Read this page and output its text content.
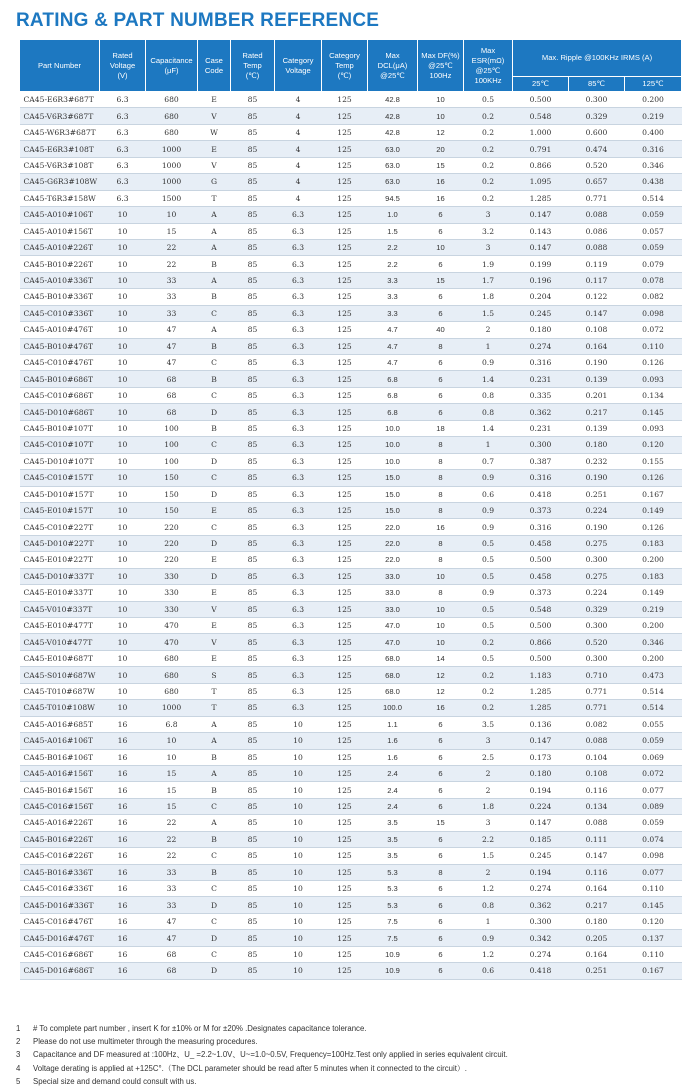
RATING & PART NUMBER REFERENCE
Part Number	Rated
Voltage
(V)	Capacitance
(μF)	Case
Code	Rated
Temp
(℃)	Category
Voltage	Category
Temp
(℃)	Max
DCL(μA)
@25℃	Max DF(%)
@25℃
100Hz	Max
ESR(mΩ)
@25℃
100KHz	Max. Ripple @100KHz IRMS (A)		
										25℃	85℃	125℃
CA45-E6R3#687T	6.3	680	E	85	4	125	42.8	10	0.5	0.500	0.300	0.200
CA45-V6R3#687T	6.3	680	V	85	4	125	42.8	10	0.2	0.548	0.329	0.219
CA45-W6R3#687T	6.3	680	W	85	4	125	42.8	12	0.2	1.000	0.600	0.400
CA45-E6R3#108T	6.3	1000	E	85	4	125	63.0	20	0.2	0.791	0.474	0.316
CA45-V6R3#108T	6.3	1000	V	85	4	125	63.0	15	0.2	0.866	0.520	0.346
CA45-G6R3#108W	6.3	1000	G	85	4	125	63.0	16	0.2	1.095	0.657	0.438
CA45-T6R3#158W	6.3	1500	T	85	4	125	94.5	16	0.2	1.285	0.771	0.514
CA45-A010#106T	10	10	A	85	6.3	125	1.0	6	3	0.147	0.088	0.059
CA45-A010#156T	10	15	A	85	6.3	125	1.5	6	3.2	0.143	0.086	0.057
CA45-A010#226T	10	22	A	85	6.3	125	2.2	10	3	0.147	0.088	0.059
CA45-B010#226T	10	22	B	85	6.3	125	2.2	6	1.9	0.199	0.119	0.079
CA45-A010#336T	10	33	A	85	6.3	125	3.3	15	1.7	0.196	0.117	0.078
CA45-B010#336T	10	33	B	85	6.3	125	3.3	6	1.8	0.204	0.122	0.082
CA45-C010#336T	10	33	C	85	6.3	125	3.3	6	1.5	0.245	0.147	0.098
CA45-A010#476T	10	47	A	85	6.3	125	4.7	40	2	0.180	0.108	0.072
CA45-B010#476T	10	47	B	85	6.3	125	4.7	8	1	0.274	0.164	0.110
CA45-C010#476T	10	47	C	85	6.3	125	4.7	6	0.9	0.316	0.190	0.126
CA45-B010#686T	10	68	B	85	6.3	125	6.8	6	1.4	0.231	0.139	0.093
CA45-C010#686T	10	68	C	85	6.3	125	6.8	6	0.8	0.335	0.201	0.134
CA45-D010#686T	10	68	D	85	6.3	125	6.8	6	0.8	0.362	0.217	0.145
CA45-B010#107T	10	100	B	85	6.3	125	10.0	18	1.4	0.231	0.139	0.093
CA45-C010#107T	10	100	C	85	6.3	125	10.0	8	1	0.300	0.180	0.120
CA45-D010#107T	10	100	D	85	6.3	125	10.0	8	0.7	0.387	0.232	0.155
CA45-C010#157T	10	150	C	85	6.3	125	15.0	8	0.9	0.316	0.190	0.126
CA45-D010#157T	10	150	D	85	6.3	125	15.0	8	0.6	0.418	0.251	0.167
CA45-E010#157T	10	150	E	85	6.3	125	15.0	8	0.9	0.373	0.224	0.149
CA45-C010#227T	10	220	C	85	6.3	125	22.0	16	0.9	0.316	0.190	0.126
CA45-D010#227T	10	220	D	85	6.3	125	22.0	8	0.5	0.458	0.275	0.183
CA45-E010#227T	10	220	E	85	6.3	125	22.0	8	0.5	0.500	0.300	0.200
CA45-D010#337T	10	330	D	85	6.3	125	33.0	10	0.5	0.458	0.275	0.183
CA45-E010#337T	10	330	E	85	6.3	125	33.0	8	0.9	0.373	0.224	0.149
CA45-V010#337T	10	330	V	85	6.3	125	33.0	10	0.5	0.548	0.329	0.219
CA45-E010#477T	10	470	E	85	6.3	125	47.0	10	0.5	0.500	0.300	0.200
CA45-V010#477T	10	470	V	85	6.3	125	47.0	10	0.2	0.866	0.520	0.346
CA45-E010#687T	10	680	E	85	6.3	125	68.0	14	0.5	0.500	0.300	0.200
CA45-S010#687W	10	680	S	85	6.3	125	68.0	12	0.2	1.183	0.710	0.473
CA45-T010#687W	10	680	T	85	6.3	125	68.0	12	0.2	1.285	0.771	0.514
CA45-T010#108W	10	1000	T	85	6.3	125	100.0	16	0.2	1.285	0.771	0.514
CA45-A016#685T	16	6.8	A	85	10	125	1.1	6	3.5	0.136	0.082	0.055
CA45-A016#106T	16	10	A	85	10	125	1.6	6	3	0.147	0.088	0.059
CA45-B016#106T	16	10	B	85	10	125	1.6	6	2.5	0.173	0.104	0.069
CA45-A016#156T	16	15	A	85	10	125	2.4	6	2	0.180	0.108	0.072
CA45-B016#156T	16	15	B	85	10	125	2.4	6	2	0.194	0.116	0.077
CA45-C016#156T	16	15	C	85	10	125	2.4	6	1.8	0.224	0.134	0.089
CA45-A016#226T	16	22	A	85	10	125	3.5	15	3	0.147	0.088	0.059
CA45-B016#226T	16	22	B	85	10	125	3.5	6	2.2	0.185	0.111	0.074
CA45-C016#226T	16	22	C	85	10	125	3.5	6	1.5	0.245	0.147	0.098
CA45-B016#336T	16	33	B	85	10	125	5.3	8	2	0.194	0.116	0.077
CA45-C016#336T	16	33	C	85	10	125	5.3	6	1.2	0.274	0.164	0.110
CA45-D016#336T	16	33	D	85	10	125	5.3	6	0.8	0.362	0.217	0.145
CA45-C016#476T	16	47	C	85	10	125	7.5	6	1	0.300	0.180	0.120
CA45-D016#476T	16	47	D	85	10	125	7.5	6	0.9	0.342	0.205	0.137
CA45-C016#686T	16	68	C	85	10	125	10.9	6	1.2	0.274	0.164	0.110
CA45-D016#686T	16	68	D	85	10	125	10.9	6	0.6	0.418	0.251	0.167
1	# To complete part number , insert K for ±10% or M for ±20% .Designates capacitance tolerance.
2	Please do not use multimeter through the measuring procedures.
3	Capacitance and DF measured at :100Hz、U_ =2.2~1.0V、U~=1.0~0.5V, Frequency=100Hz.Test only applied in series equivalent circuit.
4	Voltage derating is applied at +125C°.（The DCL parameter should be read after 5 minutes when it connected to the circuit）.
5	Special size and demand could consult with us.
